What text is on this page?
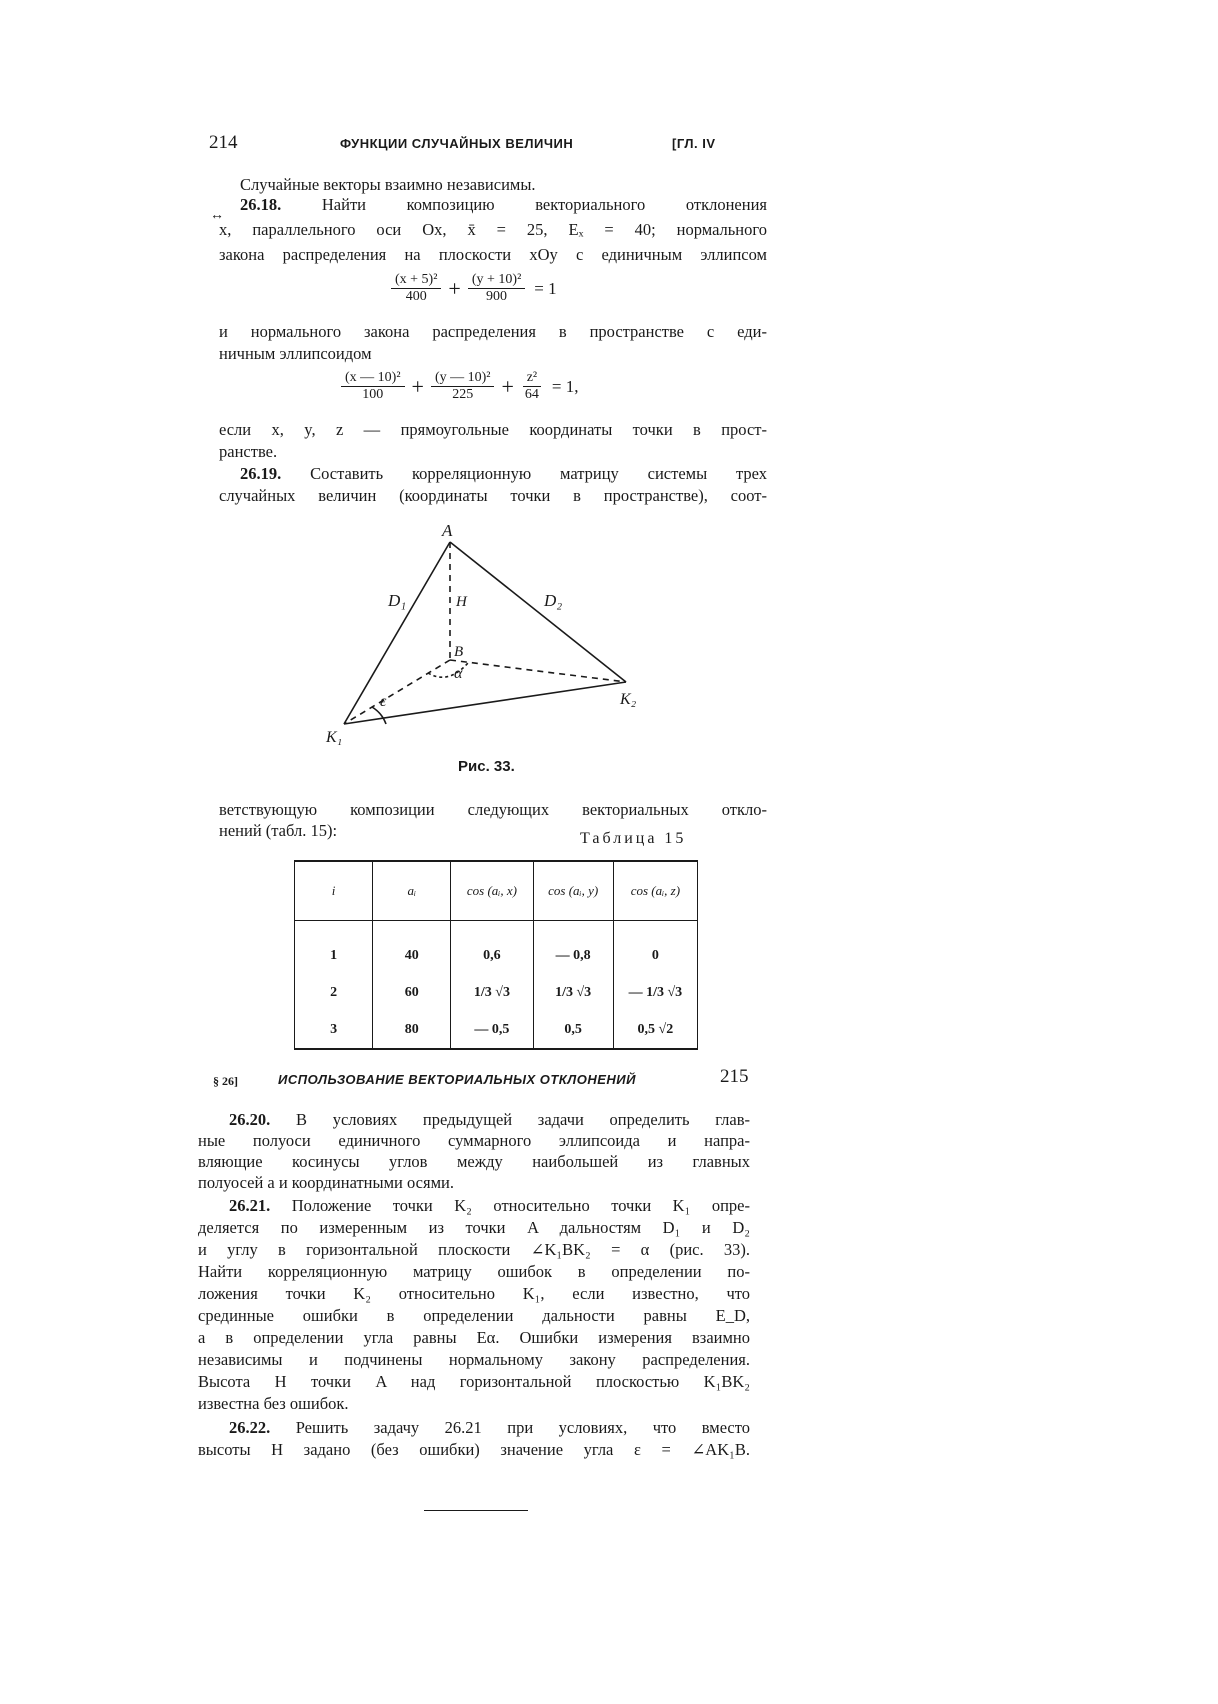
214	ФУНКЦИИ СЛУЧАЙНЫХ ВЕЛИЧИН	[ГЛ. IV
Случайные векторы взаимно независимы.
26.18. Найти композицию векториального отклонения
↔
x, параллельного оси Ox, x̄ = 25, Eₓ = 40; нормального
закона распределения на плоскости xOy с единичным эллипсом
$\frac{\text{(x + 5)²}}{400} + \frac{\text{(y + 10)²}}{900} = 1$
и нормального закона распределения в пространстве с еди-
ничным эллипсоидом
$\frac{\text{(x — 10)²}}{100} + \frac{\text{(y — 10)²}}{225} + \frac{\text{z²}}{64} = 1$,
если x, y, z — прямоугольные координаты точки в прост-
ранстве.
26.19. Составить корреляционную матрицу системы трех
случайных величин (координаты точки в пространстве), соот-
A
H
B
D₁	D₂
K₁
K₂
α
ε
Рис. 33.
ветствующую композиции следующих векториальных откло-
нений (табл. 15):	Таблица 15
i	aᵢ	cos (aᵢ, x)	cos (aᵢ, y)	cos (aᵢ, z)
1	40	0,6	— 0,8	0
2	60	1/3 √3	1/3 √3	— 1/3 √3
3	80	— 0,5	0,5	0,5 √2
§ 26]	ИСПОЛЬЗОВАНИЕ ВЕКТОРИАЛЬНЫХ ОТКЛОНЕНИЙ	215
26.20. В условиях предыдущей задачи определить глав-
ные полуоси единичного суммарного эллипсоида и напра-
вляющие косинусы углов между наибольшей из главных
полуосей a и координатными осями.
26.21. Положение точки K₂ относительно точки K₁ опре-
деляется по измеренным из точки A дальностям D₁ и D₂
и углу в горизонтальной плоскости ∠K₁BK₂ = α (рис. 33).
Найти корреляционную матрицу ошибок в определении по-
ложения точки K₂ относительно K₁, если известно, что
срединные ошибки в определении дальности равны E_D,
а в определении угла равны Eα. Ошибки измерения взаимно
независимы и подчинены нормальному закону распределения.
Высота H точки A над горизонтальной плоскостью K₁BK₂
известна без ошибок.
26.22. Решить задачу 26.21 при условиях, что вместо
высоты H задано (без ошибки) значение угла ε = ∠AK₁B.
